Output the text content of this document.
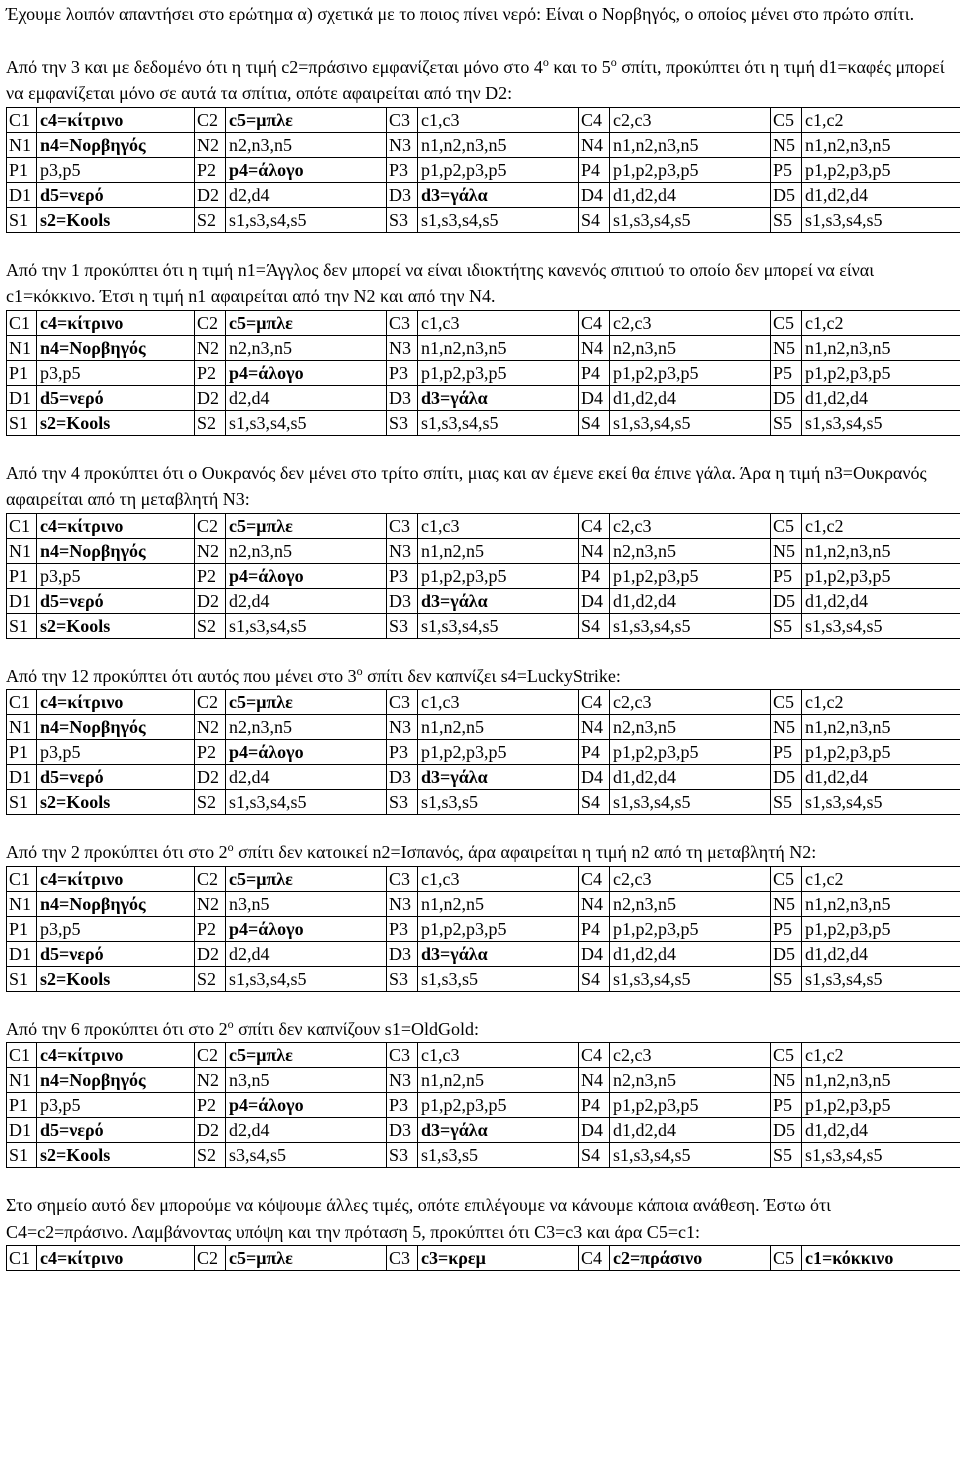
Έχουμε λοιπόν απαντήσει στο ερώτημα α) σχετικά με το ποιος πίνει νερό: Είναι ο Νορβηγός, ο οποίος μένει στο πρώτο σπίτι.

Από την 3 και με δεδομένο ότι η τιμή c2=πράσινο εμφανίζεται μόνο στο $4^o$ και το $5^o$ σπίτι, προκύπτει ότι η τιμή d1=καφές μπορεί να εμφανίζεται μόνο σε αυτά τα σπίτια, οπότε αφαιρείται από την D2:

C1	c4=κίτρινο	C2	c5=μπλε	C3	c1,c3	C4	c2,c3	C5	c1,c2
N1	n4=Νορβηγός	N2	n2,n3,n5	N3	n1,n2,n3,n5	N4	n1,n2,n3,n5	N5	n1,n2,n3,n5
P1	p3,p5	P2	p4=άλογο	P3	p1,p2,p3,p5	P4	p1,p2,p3,p5	P5	p1,p2,p3,p5
D1	d5=νερό	D2	d2,d4	D3	d3=γάλα	D4	d1,d2,d4	D5	d1,d2,d4
S1	s2=Kools	S2	s1,s3,s4,s5	S3	s1,s3,s4,s5	S4	s1,s3,s4,s5	S5	s1,s3,s4,s5

Από την 1 προκύπτει ότι η τιμή n1=Άγγλος δεν μπορεί να είναι ιδιοκτήτης κανενός σπιτιού το οποίο δεν μπορεί να είναι c1=κόκκινο. Έτσι η τιμή n1 αφαιρείται από την N2 και από την N4.

C1	c4=κίτρινο	C2	c5=μπλε	C3	c1,c3	C4	c2,c3	C5	c1,c2
N1	n4=Νορβηγός	N2	n2,n3,n5	N3	n1,n2,n3,n5	N4	n2,n3,n5	N5	n1,n2,n3,n5
P1	p3,p5	P2	p4=άλογο	P3	p1,p2,p3,p5	P4	p1,p2,p3,p5	P5	p1,p2,p3,p5
D1	d5=νερό	D2	d2,d4	D3	d3=γάλα	D4	d1,d2,d4	D5	d1,d2,d4
S1	s2=Kools	S2	s1,s3,s4,s5	S3	s1,s3,s4,s5	S4	s1,s3,s4,s5	S5	s1,s3,s4,s5

Από την 4 προκύπτει ότι ο Ουκρανός δεν μένει στο τρίτο σπίτι, μιας και αν έμενε εκεί θα έπινε γάλα. Άρα η τιμή n3=Ουκρανός αφαιρείται από τη μεταβλητή N3:

C1	c4=κίτρινο	C2	c5=μπλε	C3	c1,c3	C4	c2,c3	C5	c1,c2
N1	n4=Νορβηγός	N2	n2,n3,n5	N3	n1,n2,n5	N4	n2,n3,n5	N5	n1,n2,n3,n5
P1	p3,p5	P2	p4=άλογο	P3	p1,p2,p3,p5	P4	p1,p2,p3,p5	P5	p1,p2,p3,p5
D1	d5=νερό	D2	d2,d4	D3	d3=γάλα	D4	d1,d2,d4	D5	d1,d2,d4
S1	s2=Kools	S2	s1,s3,s4,s5	S3	s1,s3,s4,s5	S4	s1,s3,s4,s5	S5	s1,s3,s4,s5

Από την 12 προκύπτει ότι αυτός που μένει στο $3^o$ σπίτι δεν καπνίζει s4=LuckyStrike:

C1	c4=κίτρινο	C2	c5=μπλε	C3	c1,c3	C4	c2,c3	C5	c1,c2
N1	n4=Νορβηγός	N2	n2,n3,n5	N3	n1,n2,n5	N4	n2,n3,n5	N5	n1,n2,n3,n5
P1	p3,p5	P2	p4=άλογο	P3	p1,p2,p3,p5	P4	p1,p2,p3,p5	P5	p1,p2,p3,p5
D1	d5=νερό	D2	d2,d4	D3	d3=γάλα	D4	d1,d2,d4	D5	d1,d2,d4
S1	s2=Kools	S2	s1,s3,s4,s5	S3	s1,s3,s5	S4	s1,s3,s4,s5	S5	s1,s3,s4,s5

Από την 2 προκύπτει ότι στο $2^o$ σπίτι δεν κατοικεί n2=Ισπανός, άρα αφαιρείται η τιμή n2 από τη μεταβλητή N2:

C1	c4=κίτρινο	C2	c5=μπλε	C3	c1,c3	C4	c2,c3	C5	c1,c2
N1	n4=Νορβηγός	N2	n3,n5	N3	n1,n2,n5	N4	n2,n3,n5	N5	n1,n2,n3,n5
P1	p3,p5	P2	p4=άλογο	P3	p1,p2,p3,p5	P4	p1,p2,p3,p5	P5	p1,p2,p3,p5
D1	d5=νερό	D2	d2,d4	D3	d3=γάλα	D4	d1,d2,d4	D5	d1,d2,d4
S1	s2=Kools	S2	s1,s3,s4,s5	S3	s1,s3,s5	S4	s1,s3,s4,s5	S5	s1,s3,s4,s5

Από την 6 προκύπτει ότι στο $2^o$ σπίτι δεν καπνίζουν s1=OldGold:

C1	c4=κίτρινο	C2	c5=μπλε	C3	c1,c3	C4	c2,c3	C5	c1,c2
N1	n4=Νορβηγός	N2	n3,n5	N3	n1,n2,n5	N4	n2,n3,n5	N5	n1,n2,n3,n5
P1	p3,p5	P2	p4=άλογο	P3	p1,p2,p3,p5	P4	p1,p2,p3,p5	P5	p1,p2,p3,p5
D1	d5=νερό	D2	d2,d4	D3	d3=γάλα	D4	d1,d2,d4	D5	d1,d2,d4
S1	s2=Kools	S2	s3,s4,s5	S3	s1,s3,s5	S4	s1,s3,s4,s5	S5	s1,s3,s4,s5

Στο σημείο αυτό δεν μπορούμε να κόψουμε άλλες τιμές, οπότε επιλέγουμε να κάνουμε κάποια ανάθεση. Έστω ότι C4=c2=πράσινο. Λαμβάνοντας υπόψη και την πρόταση 5, προκύπτει ότι C3=c3 και άρα C5=c1:

C1	c4=κίτρινο	C2	c5=μπλε	C3	c3=κρεμ	C4	c2=πράσινο	C5	c1=κόκκινο
